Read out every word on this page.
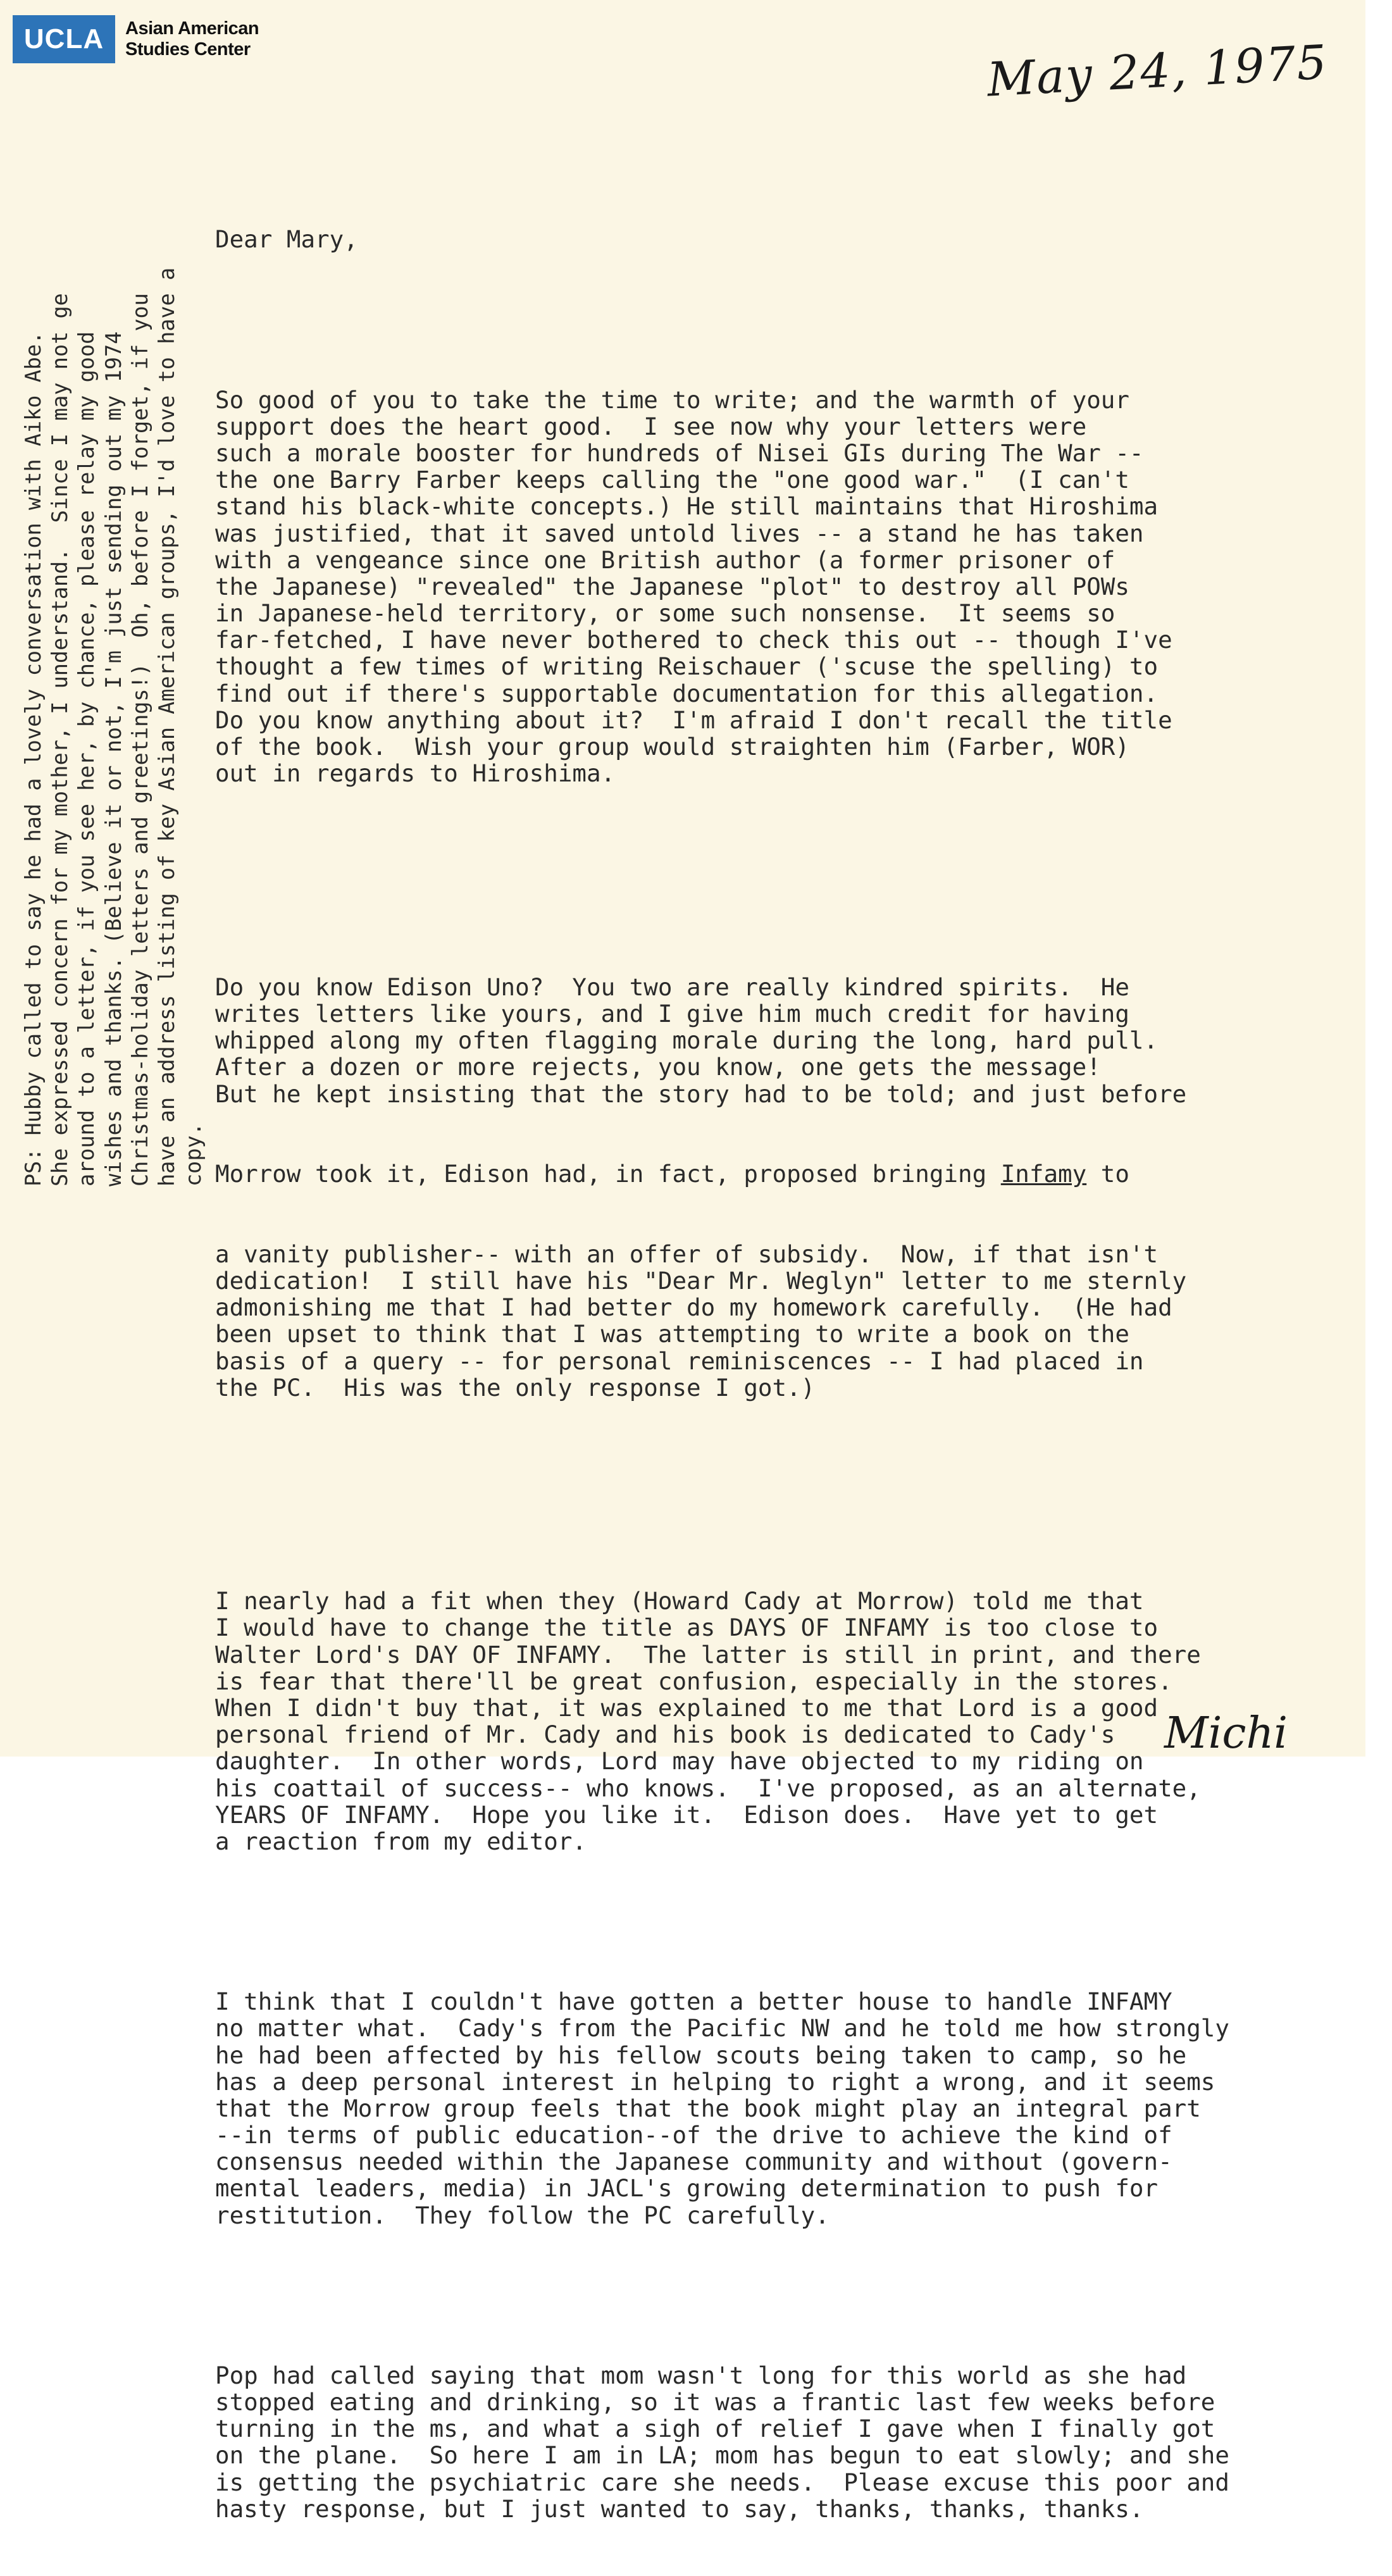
UCLA	Asian American
Studies Center	May 24, 1975

Dear Mary,

So good of you to take the time to write; and the warmth of your
support does the heart good.  I see now why your letters were
such a morale booster for hundreds of Nisei GIs during The War --
the one Barry Farber keeps calling the "one good war."  (I can't
stand his black-white concepts.) He still maintains that Hiroshima
was justified, that it saved untold lives -- a stand he has taken
with a vengeance since one British author (a former prisoner of
the Japanese) "revealed" the Japanese "plot" to destroy all POWs
in Japanese-held territory, or some such nonsense.  It seems so
far-fetched, I have never bothered to check this out -- though I've
thought a few times of writing Reischauer ('scuse the spelling) to
find out if there's supportable documentation for this allegation.
Do you know anything about it?  I'm afraid I don't recall the title
of the book.  Wish your group would straighten him (Farber, WOR)
out in regards to Hiroshima.

Do you know Edison Uno?  You two are really kindred spirits.  He
writes letters like yours, and I give him much credit for having
whipped along my often flagging morale during the long, hard pull.
After a dozen or more rejects, you know, one gets the message!
But he kept insisting that the story had to be told; and just before

Morrow took it, Edison had, in fact, proposed bringing Infamy to

a vanity publisher-- with an offer of subsidy.  Now, if that isn't
dedication!  I still have his "Dear Mr. Weglyn" letter to me sternly
admonishing me that I had better do my homework carefully.  (He had
been upset to think that I was attempting to write a book on the
basis of a query -- for personal reminiscences -- I had placed in
the PC.  His was the only response I got.)

I nearly had a fit when they (Howard Cady at Morrow) told me that
I would have to change the title as DAYS OF INFAMY is too close to
Walter Lord's DAY OF INFAMY.  The latter is still in print, and there
is fear that there'll be great confusion, especially in the stores.
When I didn't buy that, it was explained to me that Lord is a good
personal friend of Mr. Cady and his book is dedicated to Cady's
daughter.  In other words, Lord may have objected to my riding on
his coattail of success-- who knows.  I've proposed, as an alternate,
YEARS OF INFAMY.  Hope you like it.  Edison does.  Have yet to get
a reaction from my editor.

I think that I couldn't have gotten a better house to handle INFAMY
no matter what.  Cady's from the Pacific NW and he told me how strongly
he had been affected by his fellow scouts being taken to camp, so he
has a deep personal interest in helping to right a wrong, and it seems
that the Morrow group feels that the book might play an integral part
--in terms of public education--of the drive to achieve the kind of
consensus needed within the Japanese community and without (govern-
mental leaders, media) in JACL's growing determination to push for
restitution.  They follow the PC carefully.

Pop had called saying that mom wasn't long for this world as she had
stopped eating and drinking, so it was a frantic last few weeks before
turning in the ms, and what a sigh of relief I gave when I finally got
on the plane.  So here I am in LA; mom has begun to eat slowly; and she
is getting the psychiatric care she needs.  Please excuse this poor and
hasty response, but I just wanted to say, thanks, thanks, thanks.

PS: Hubby called to say he had a lovely conversation with Aiko Abe. She expressed concern for my mother, I understand.  Since I may not ge around to a letter, if you see her, by chance, please relay my good wishes and thanks. (Believe it or not, I'm just sending out my 1974 Christmas-holiday letters and greetings!)  Oh, before I forget, if you have an address listing of key Asian American groups, I'd love to have a copy.
Michi
